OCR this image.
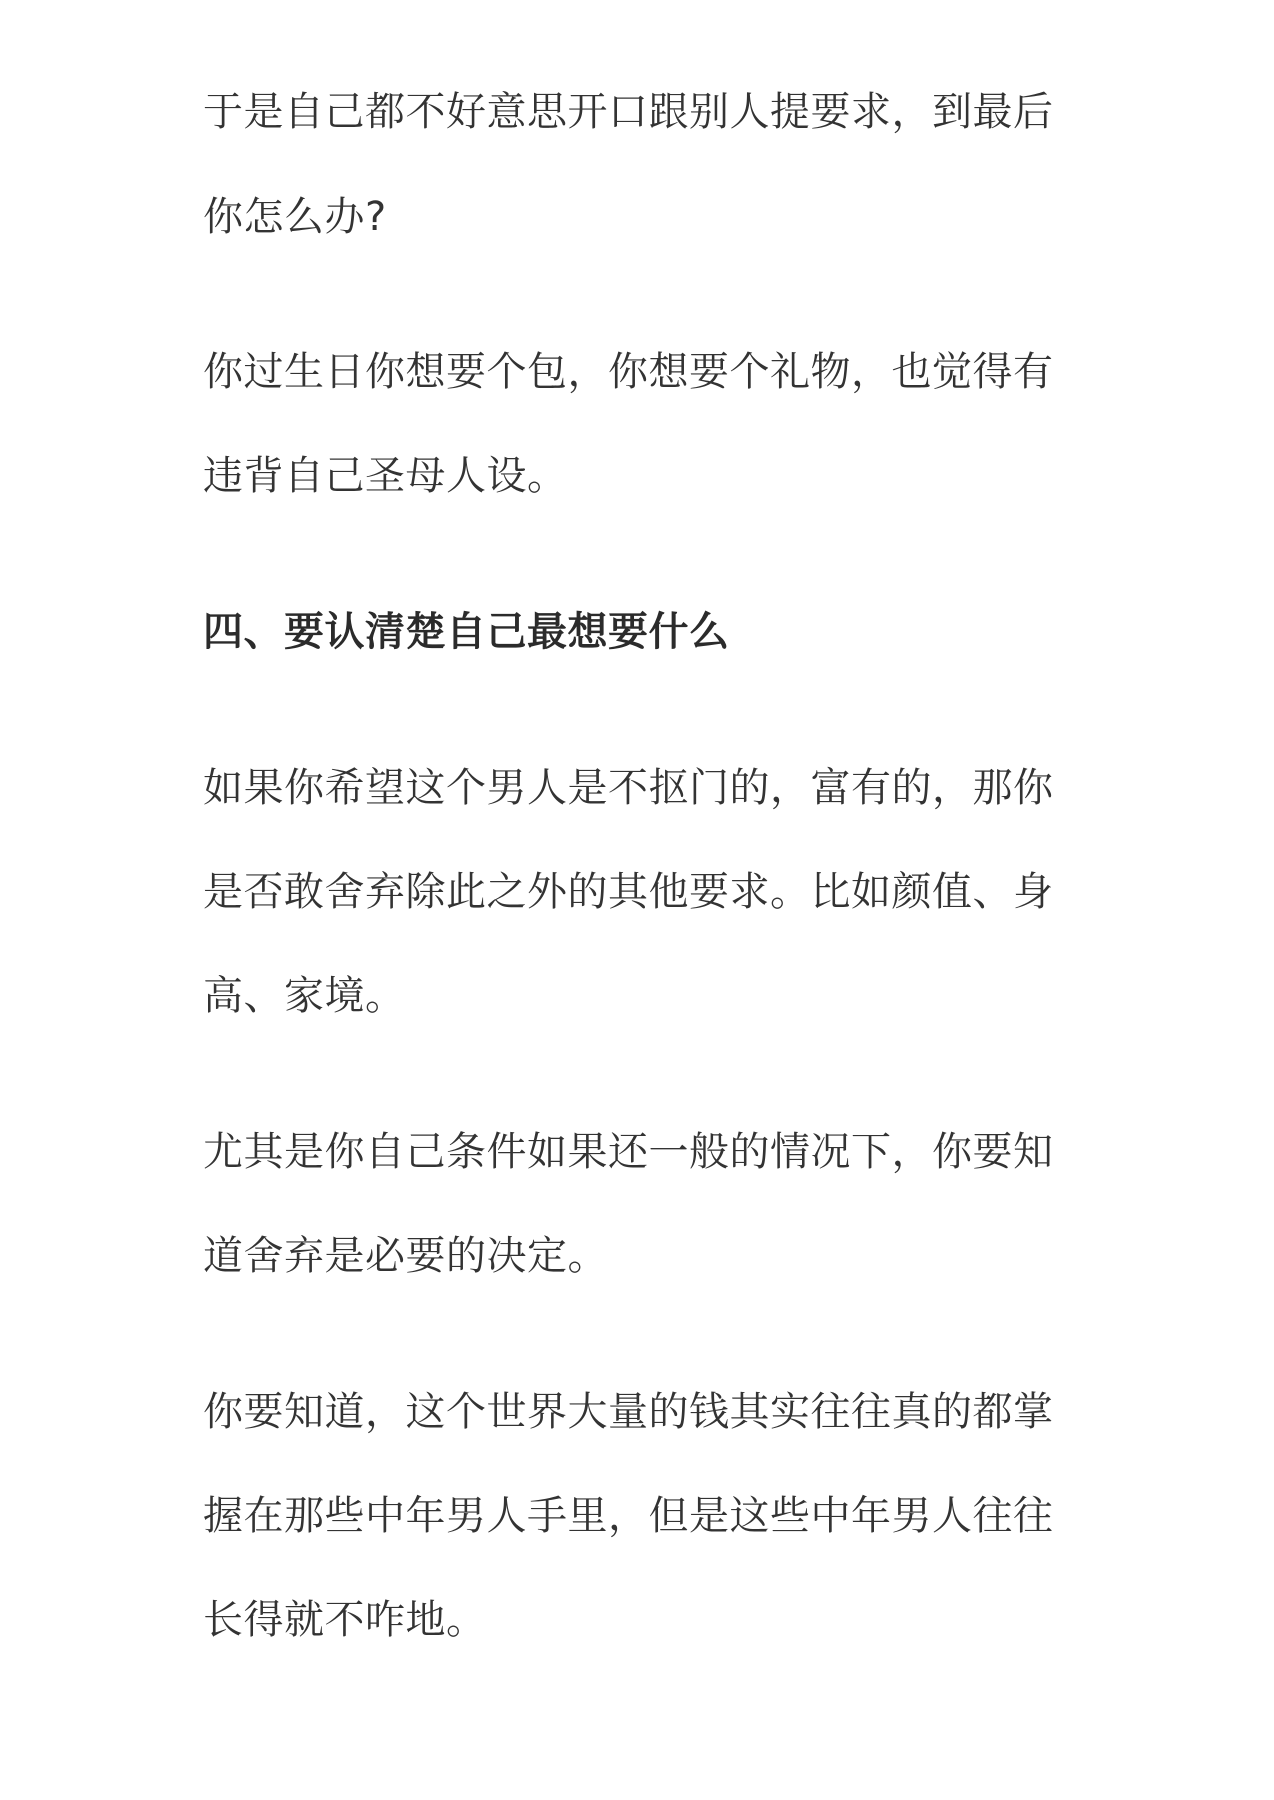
于是自己都不好意思开口跟别人提要求，到最后
你怎么办?
你过生日你想要个包，你想要个礼物，也觉得有
违背自己圣母人设。
四、要认清楚自己最想要什么
如果你希望这个男人是不抠门的，富有的，那你
是否敢舍弃除此之外的其他要求。比如颜值、身
高、家境。
尤其是你自己条件如果还一般的情况下，你要知
道舍弃是必要的决定。
你要知道，这个世界大量的钱其实往往真的都掌
握在那些中年男人手里，但是这些中年男人往往
长得就不咋地。
